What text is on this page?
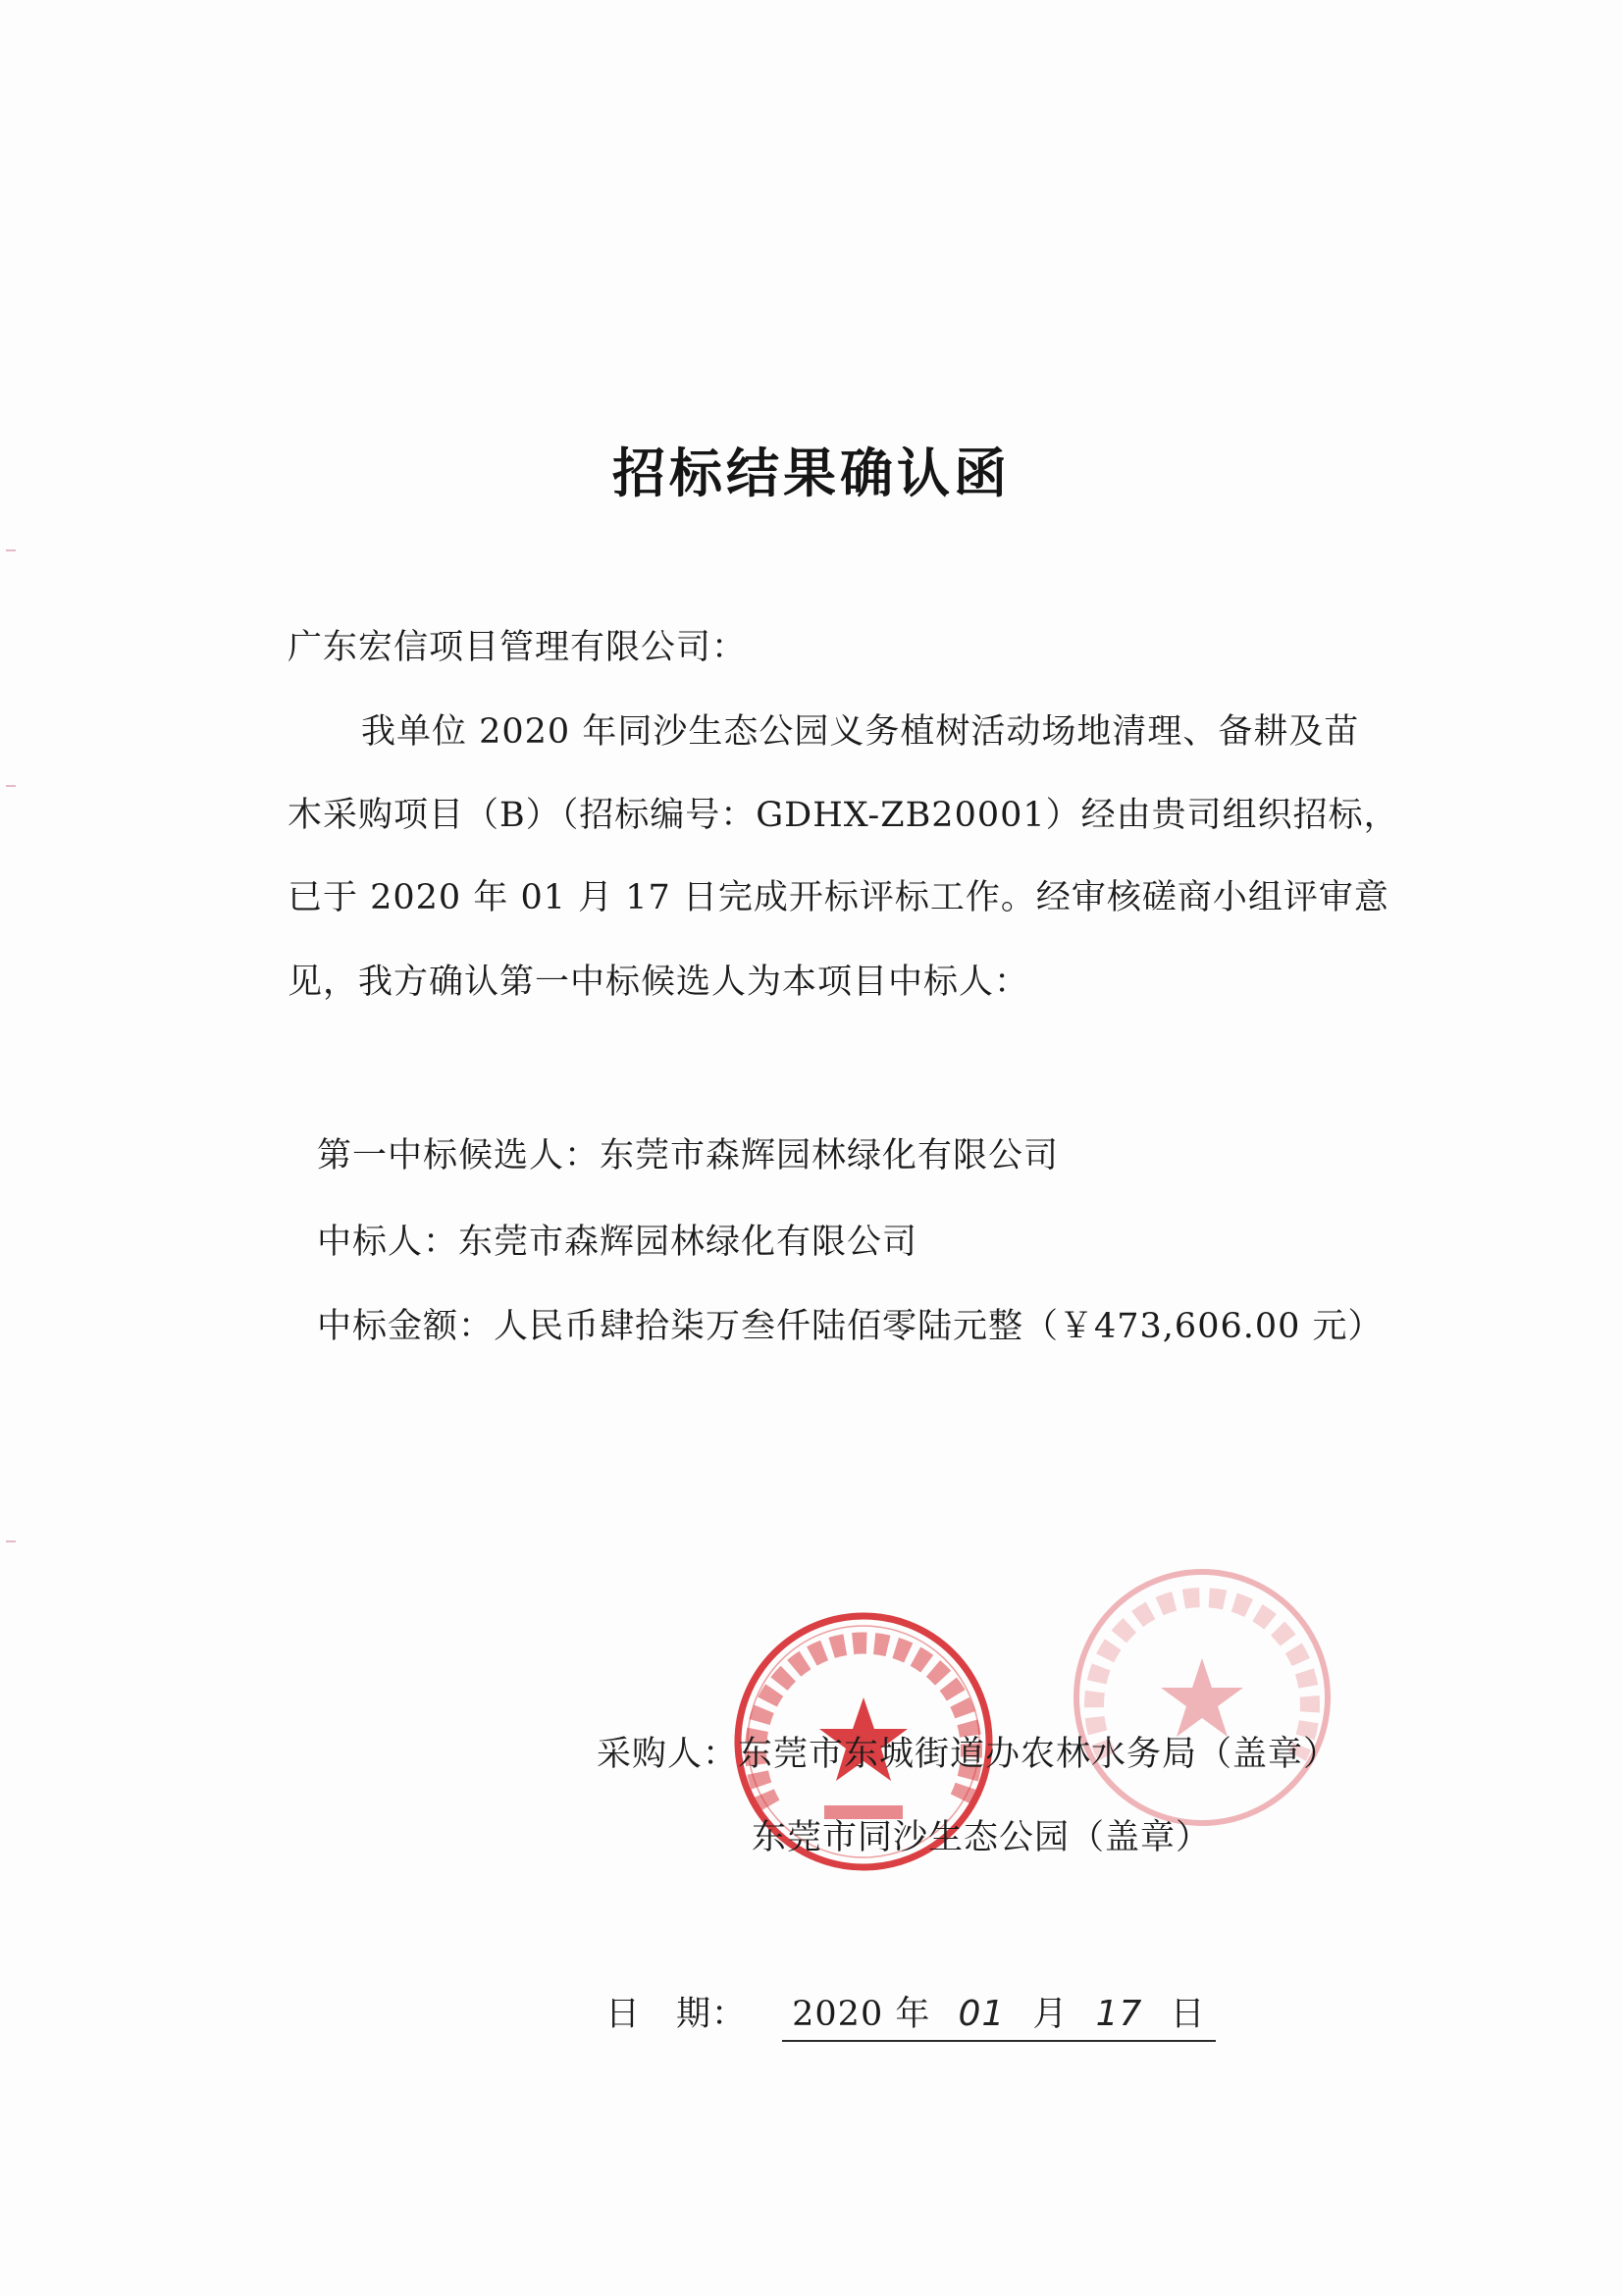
招标结果确认函
广东宏信项目管理有限公司：
我单位 2020 年同沙生态公园义务植树活动场地清理、备耕及苗
木采购项目（B）（招标编号：GDHX-ZB20001）经由贵司组织招标，
已于 2020 年 01 月 17 日完成开标评标工作。经审核磋商小组评审意
见，我方确认第一中标候选人为本项目中标人：
第一中标候选人：东莞市森辉园林绿化有限公司
中标人：东莞市森辉园林绿化有限公司
中标金额：人民币肆拾柒万叁仟陆佰零陆元整（￥473,606.00 元）
采购人：东莞市东城街道办农林水务局（盖章）
东莞市同沙生态公园（盖章）
日　期： 2020 年 01 月 17 日
